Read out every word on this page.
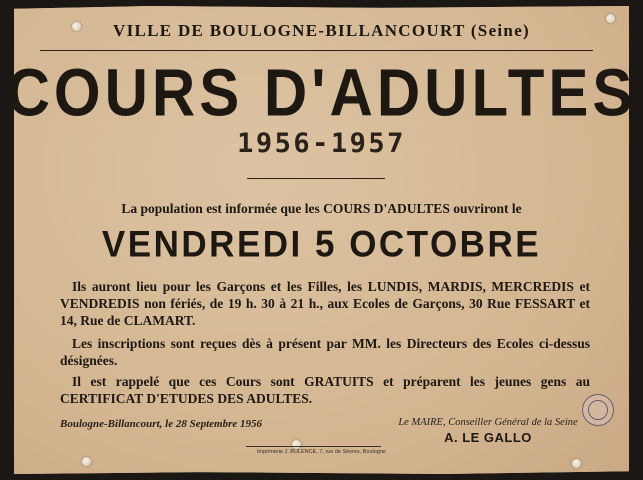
VILLE DE BOULOGNE-BILLANCOURT (Seine)
COURS D'ADULTES
1956-1957
La population est informée que les COURS D'ADULTES ouvriront le
VENDREDI 5 OCTOBRE
Ils auront lieu pour les Garçons et les Filles, les LUNDIS, MARDIS, MERCREDIS et VENDREDIS non fériés, de 19 h. 30 à 21 h., aux Ecoles de Garçons, 30 Rue FESSART et 14, Rue de CLAMART.
Les inscriptions sont reçues dès à présent par MM. les Directeurs des Ecoles ci-dessus désignées.
Il est rappelé que ces Cours sont GRATUITS et préparent les jeunes gens au CERTIFICAT D'ETUDES DES ADULTES.
Boulogne-Billancourt, le 28 Septembre 1956	Le MAIRE, Conseiller Général de la Seine
A. LE GALLO
Imprimerie J. BULENCE, 7, rue de Sèvres, Boulogne
